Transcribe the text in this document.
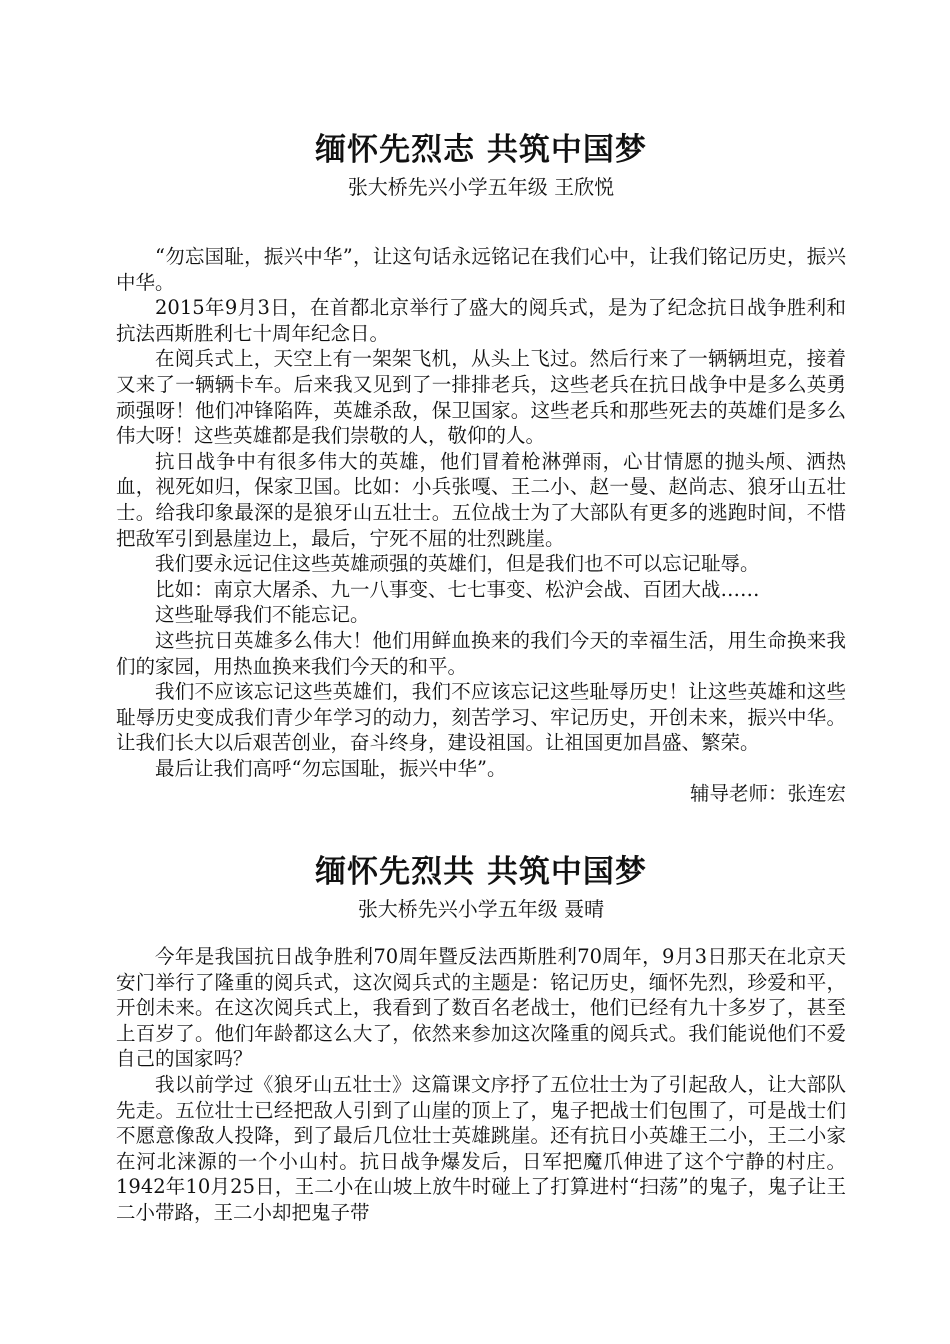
缅怀先烈志 共筑中国梦

张大桥先兴小学五年级 王欣悦

“勿忘国耻，振兴中华”，让这句话永远铭记在我们心中，让我们铭记历史，振兴中华。

2015年9月3日，在首都北京举行了盛大的阅兵式，是为了纪念抗日战争胜利和抗法西斯胜利七十周年纪念日。

在阅兵式上，天空上有一架架飞机，从头上飞过。然后行来了一辆辆坦克，接着又来了一辆辆卡车。后来我又见到了一排排老兵，这些老兵在抗日战争中是多么英勇顽强呀！他们冲锋陷阵，英雄杀敌，保卫国家。这些老兵和那些死去的英雄们是多么伟大呀！这些英雄都是我们崇敬的人，敬仰的人。

抗日战争中有很多伟大的英雄，他们冒着枪淋弹雨，心甘情愿的抛头颅、洒热血，视死如归，保家卫国。比如：小兵张嘎、王二小、赵一曼、赵尚志、狼牙山五壮士。给我印象最深的是狼牙山五壮士。五位战士为了大部队有更多的逃跑时间，不惜把敌军引到悬崖边上，最后，宁死不屈的壮烈跳崖。

我们要永远记住这些英雄顽强的英雄们，但是我们也不可以忘记耻辱。

比如：南京大屠杀、九一八事变、七七事变、松沪会战、百团大战……

这些耻辱我们不能忘记。

这些抗日英雄多么伟大！他们用鲜血换来的我们今天的幸福生活，用生命换来我们的家园，用热血换来我们今天的和平。

我们不应该忘记这些英雄们，我们不应该忘记这些耻辱历史！让这些英雄和这些耻辱历史变成我们青少年学习的动力，刻苦学习、牢记历史，开创未来，振兴中华。让我们长大以后艰苦创业，奋斗终身，建设祖国。让祖国更加昌盛、繁荣。

最后让我们高呼“勿忘国耻，振兴中华”。

辅导老师：张连宏

缅怀先烈共 共筑中国梦

张大桥先兴小学五年级 聂晴

今年是我国抗日战争胜利70周年暨反法西斯胜利70周年，9月3日那天在北京天安门举行了隆重的阅兵式，这次阅兵式的主题是：铭记历史，缅怀先烈，珍爱和平，开创未来。在这次阅兵式上，我看到了数百名老战士，他们已经有九十多岁了，甚至上百岁了。他们年龄都这么大了，依然来参加这次隆重的阅兵式。我们能说他们不爱自己的国家吗？

我以前学过《狼牙山五壮士》这篇课文序抒了五位壮士为了引起敌人，让大部队先走。五位壮士已经把敌人引到了山崖的顶上了，鬼子把战士们包围了，可是战士们不愿意像敌人投降，到了最后几位壮士英雄跳崖。还有抗日小英雄王二小，王二小家在河北涞源的一个小山村。抗日战争爆发后，日军把魔爪伸进了这个宁静的村庄。1942年10月25日，王二小在山坡上放牛时碰上了打算进村“扫荡”的鬼子，鬼子让王二小带路，王二小却把鬼子带
